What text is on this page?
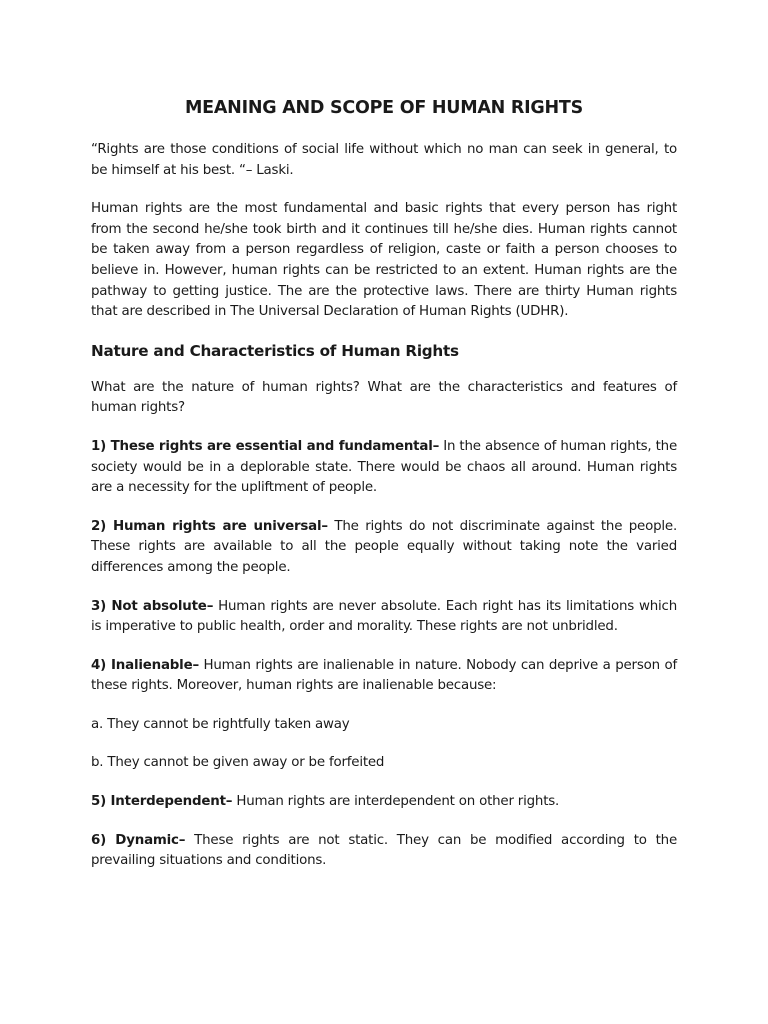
MEANING AND SCOPE OF HUMAN RIGHTS

“Rights are those conditions of social life without which no man can seek in general, to be himself at his best. “– Laski.

Human rights are the most fundamental and basic rights that every person has right from the second he/she took birth and it continues till he/she dies. Human rights cannot be taken away from a person regardless of religion, caste or faith a person chooses to believe in. However, human rights can be restricted to an extent. Human rights are the pathway to getting justice. The are the protective laws. There are thirty Human rights that are described in The Universal Declaration of Human Rights (UDHR).

Nature and Characteristics of Human Rights

What are the nature of human rights? What are the characteristics and features of human rights?

1) These rights are essential and fundamental– In the absence of human rights, the society would be in a deplorable state. There would be chaos all around. Human rights are a necessity for the upliftment of people.

2) Human rights are universal– The rights do not discriminate against the people. These rights are available to all the people equally without taking note the varied differences among the people.

3) Not absolute– Human rights are never absolute. Each right has its limitations which is imperative to public health, order and morality. These rights are not unbridled.

4) Inalienable– Human rights are inalienable in nature. Nobody can deprive a person of these rights. Moreover, human rights are inalienable because:

a. They cannot be rightfully taken away

b. They cannot be given away or be forfeited

5) Interdependent– Human rights are interdependent on other rights.

6) Dynamic– These rights are not static. They can be modified according to the prevailing situations and conditions.
